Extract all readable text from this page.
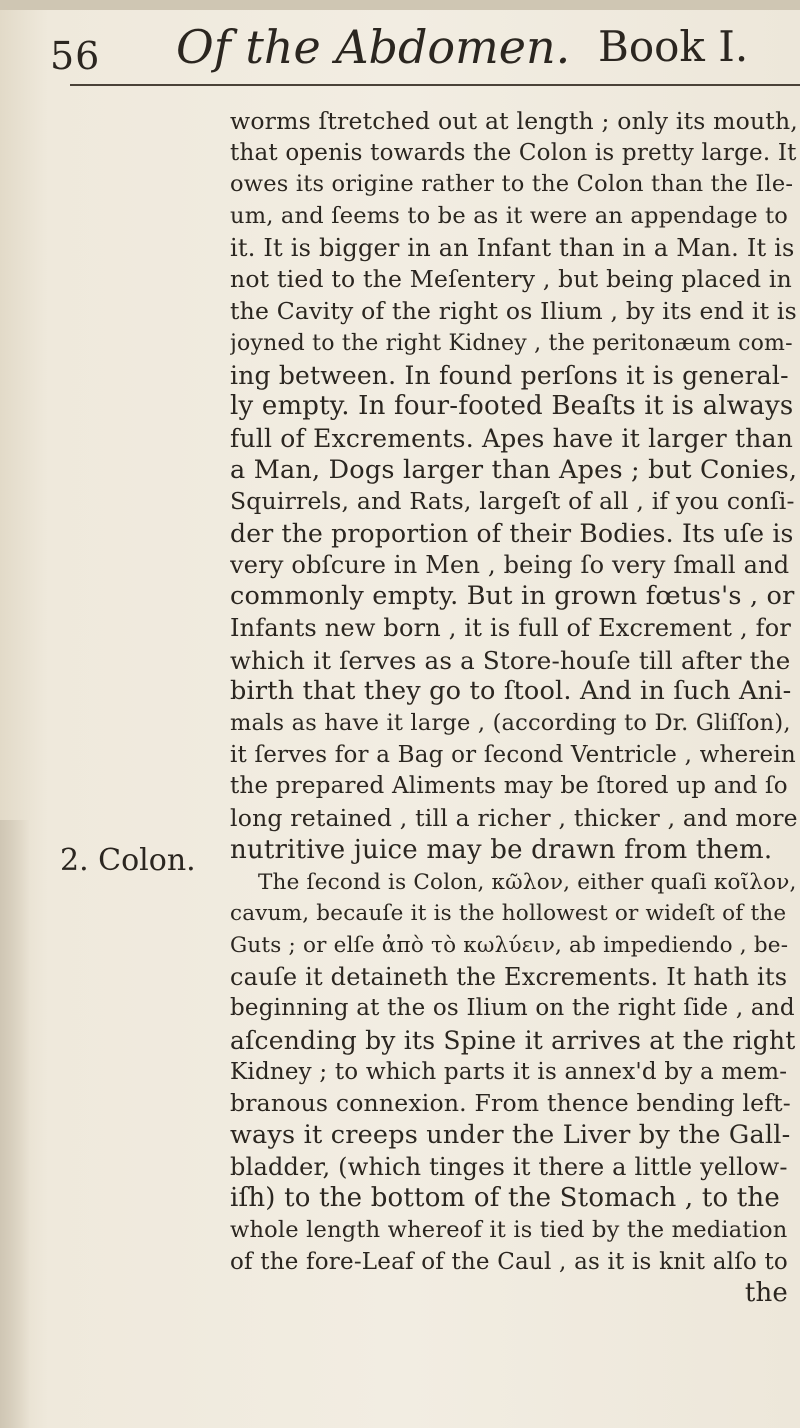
56 Of the Abdomen. Book I.
2. Colon.
worms ſtretched out at length ; only its mouth,
that openis towards the Colon is pretty large. It
owes its origine rather to the Colon than the Ile-
um, and ſeems to be as it were an appendage to
it. It is bigger in an Infant than in a Man. It is
not tied to the Meſentery , but being placed in
the Cavity of the right os Ilium , by its end it is
joyned to the right Kidney , the peritonæum com-
ing between. In found perſons it is general-
ly empty. In four-footed Beaſts it is always
full of Excrements. Apes have it larger than
a Man, Dogs larger than Apes ; but Conies,
Squirrels, and Rats, largeſt of all , if you conſi-
der the proportion of their Bodies. Its uſe is
very obſcure in Men , being ſo very ſmall and
commonly empty. But in grown fœtus's , or
Infants new born , it is full of Excrement , for
which it ſerves as a Store-houſe till after the
birth that they go to ſtool. And in ſuch Ani-
mals as have it large , (according to Dr. Gliſſon),
it ſerves for a Bag or ſecond Ventricle , wherein
the prepared Aliments may be ſtored up and ſo
long retained , till a richer , thicker , and more
nutritive juice may be drawn from them.
The ſecond is Colon, κῶλον, either quaſi κοῖλον,
cavum, becauſe it is the hollowest or wideſt of the
Guts ; or elſe ἀπὸ τὸ κωλύειν, ab impediendo , be-
cauſe it detaineth the Excrements. It hath its
beginning at the os Ilium on the right ſide , and
aſcending by its Spine it arrives at the right
Kidney ; to which parts it is annex'd by a mem-
branous connexion. From thence bending left-
ways it creeps under the Liver by the Gall-
bladder, (which tinges it there a little yellow-
iſh) to the bottom of the Stomach , to the
whole length whereof it is tied by the mediation
of the fore-Leaf of the Caul , as it is knit alſo to
the
